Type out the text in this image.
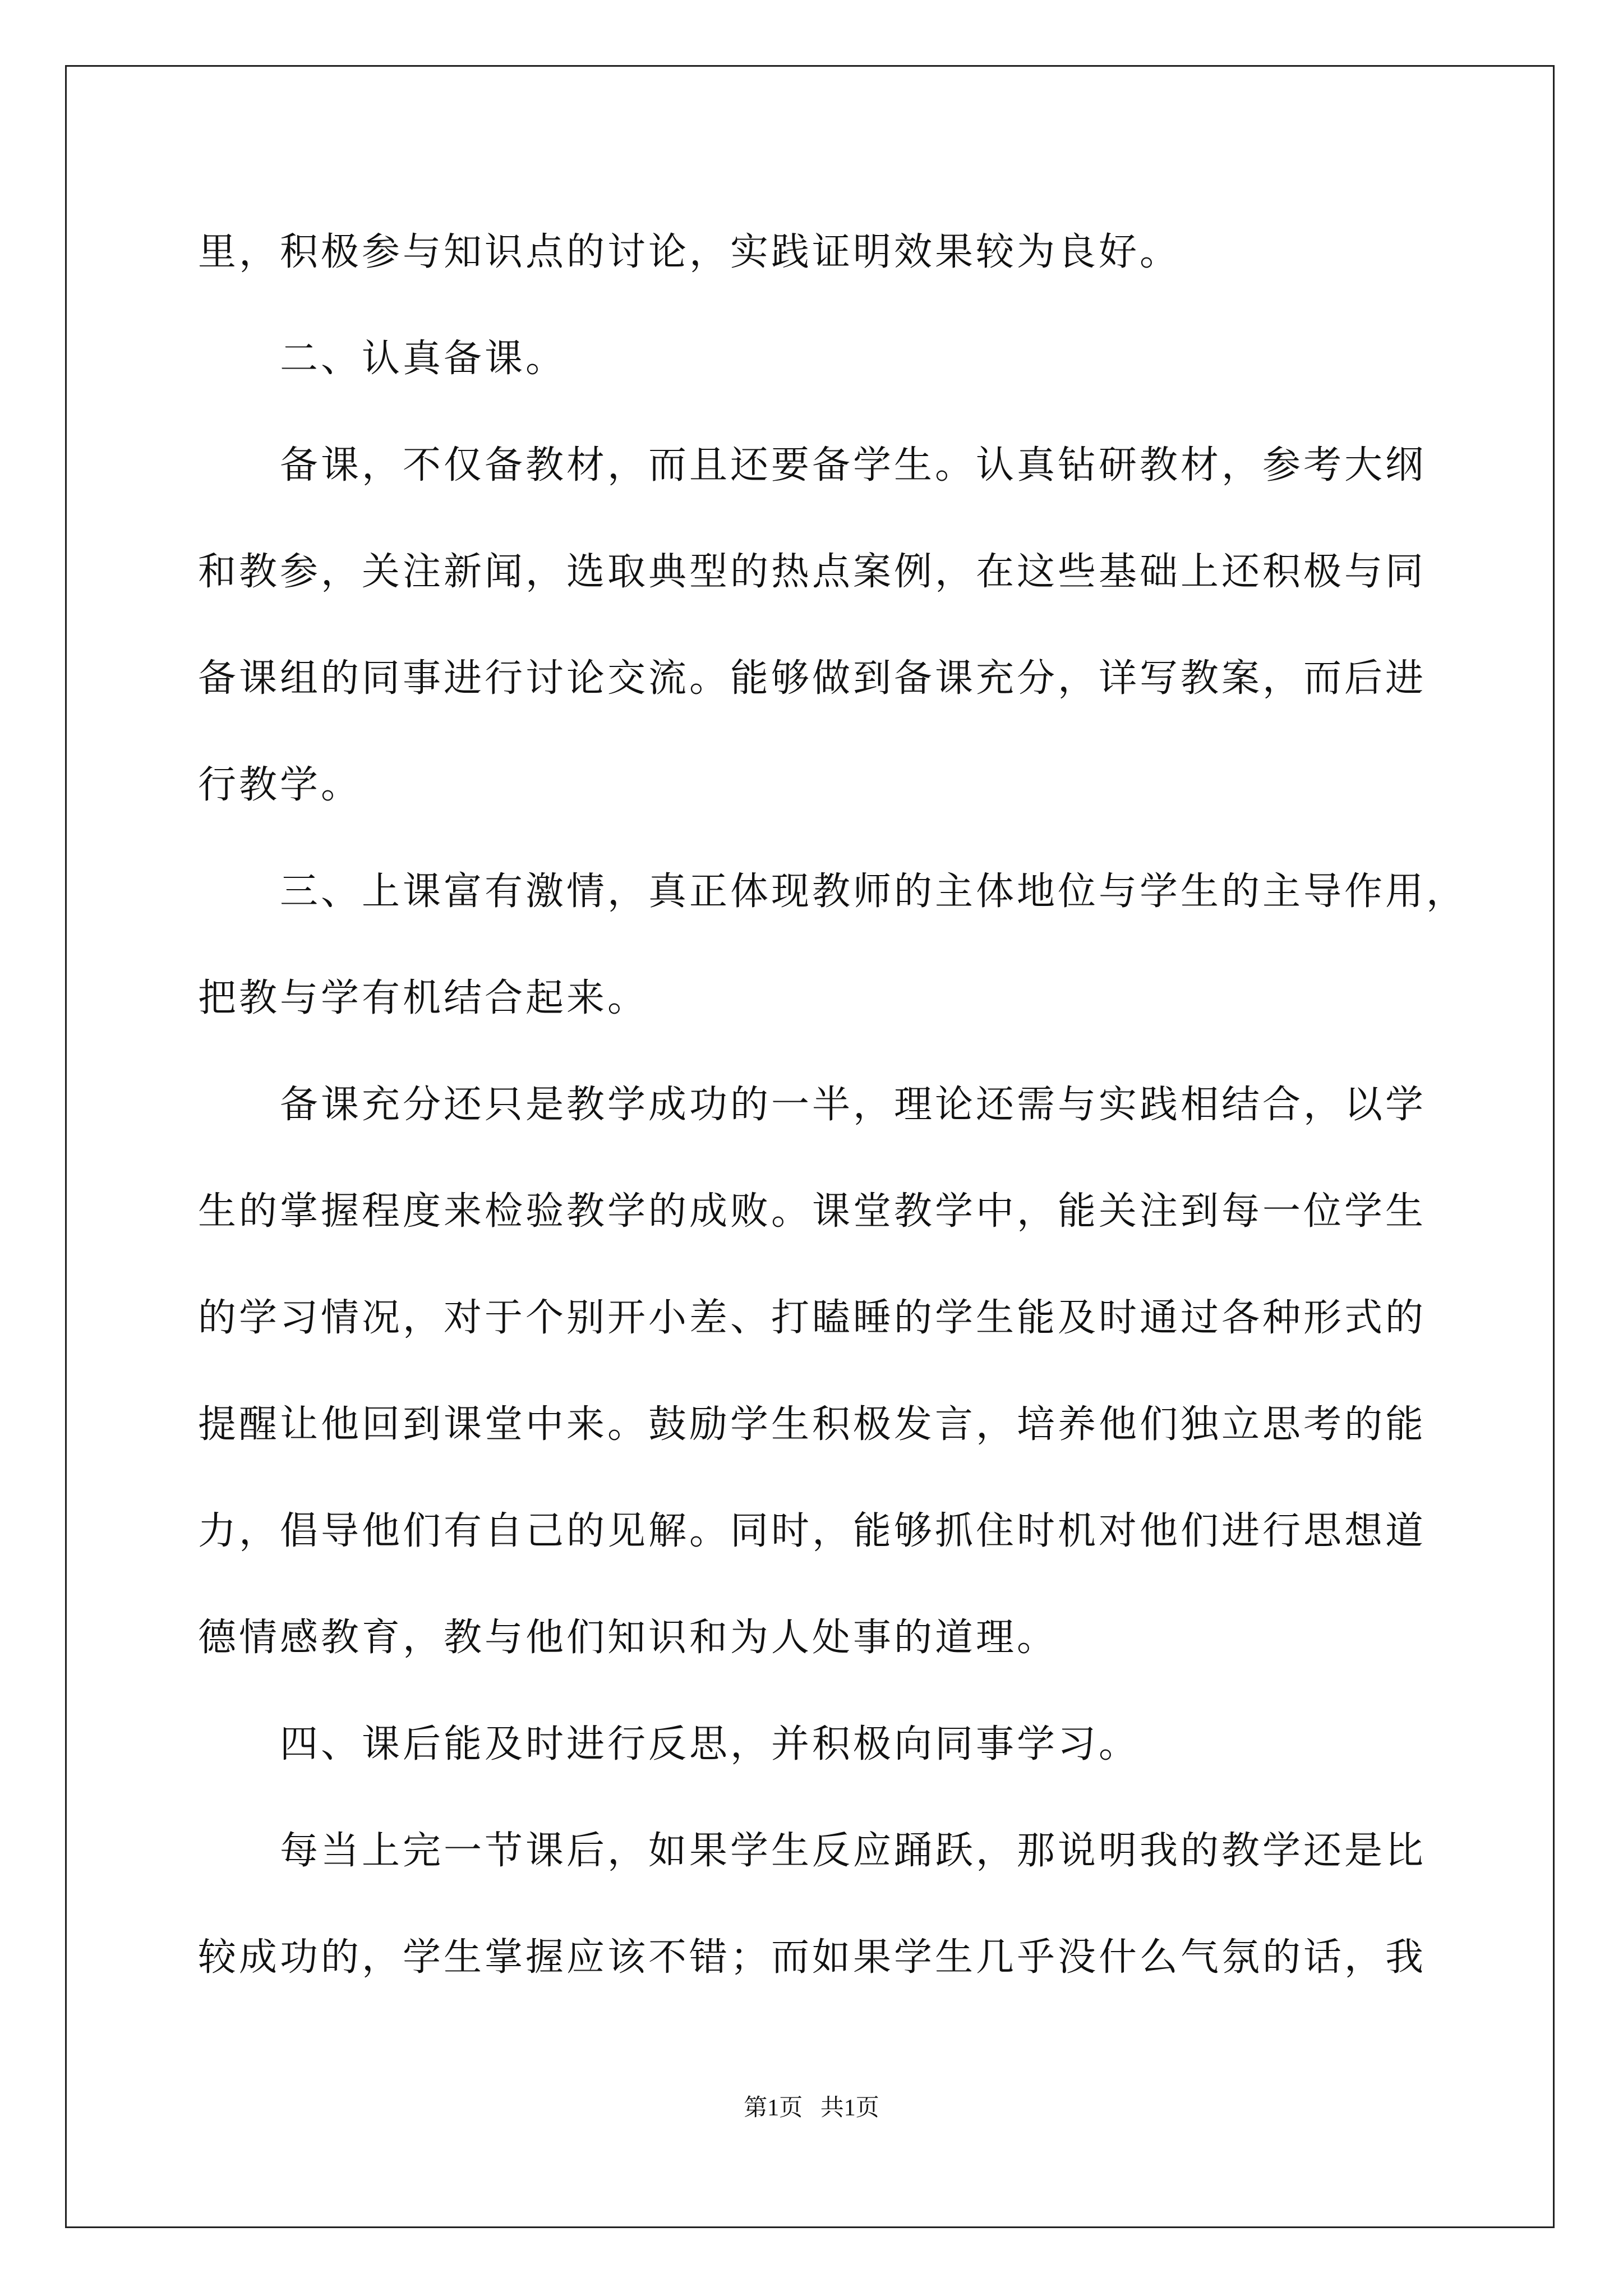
里，积极参与知识点的讨论，实践证明效果较为良好。

　　二、认真备课。

　　备课，不仅备教材，而且还要备学生。认真钻研教材，参考大纲

和教参，关注新闻，选取典型的热点案例，在这些基础上还积极与同

备课组的同事进行讨论交流。能够做到备课充分，详写教案，而后进

行教学。

　　三、上课富有激情，真正体现教师的主体地位与学生的主导作用，

把教与学有机结合起来。

　　备课充分还只是教学成功的一半，理论还需与实践相结合，以学

生的掌握程度来检验教学的成败。课堂教学中，能关注到每一位学生

的学习情况，对于个别开小差、打瞌睡的学生能及时通过各种形式的

提醒让他回到课堂中来。鼓励学生积极发言，培养他们独立思考的能

力，倡导他们有自己的见解。同时，能够抓住时机对他们进行思想道

德情感教育，教与他们知识和为人处事的道理。

　　四、课后能及时进行反思，并积极向同事学习。

　　每当上完一节课后，如果学生反应踊跃，那说明我的教学还是比

较成功的，学生掌握应该不错；而如果学生几乎没什么气氛的话，我

第1页   共1页
